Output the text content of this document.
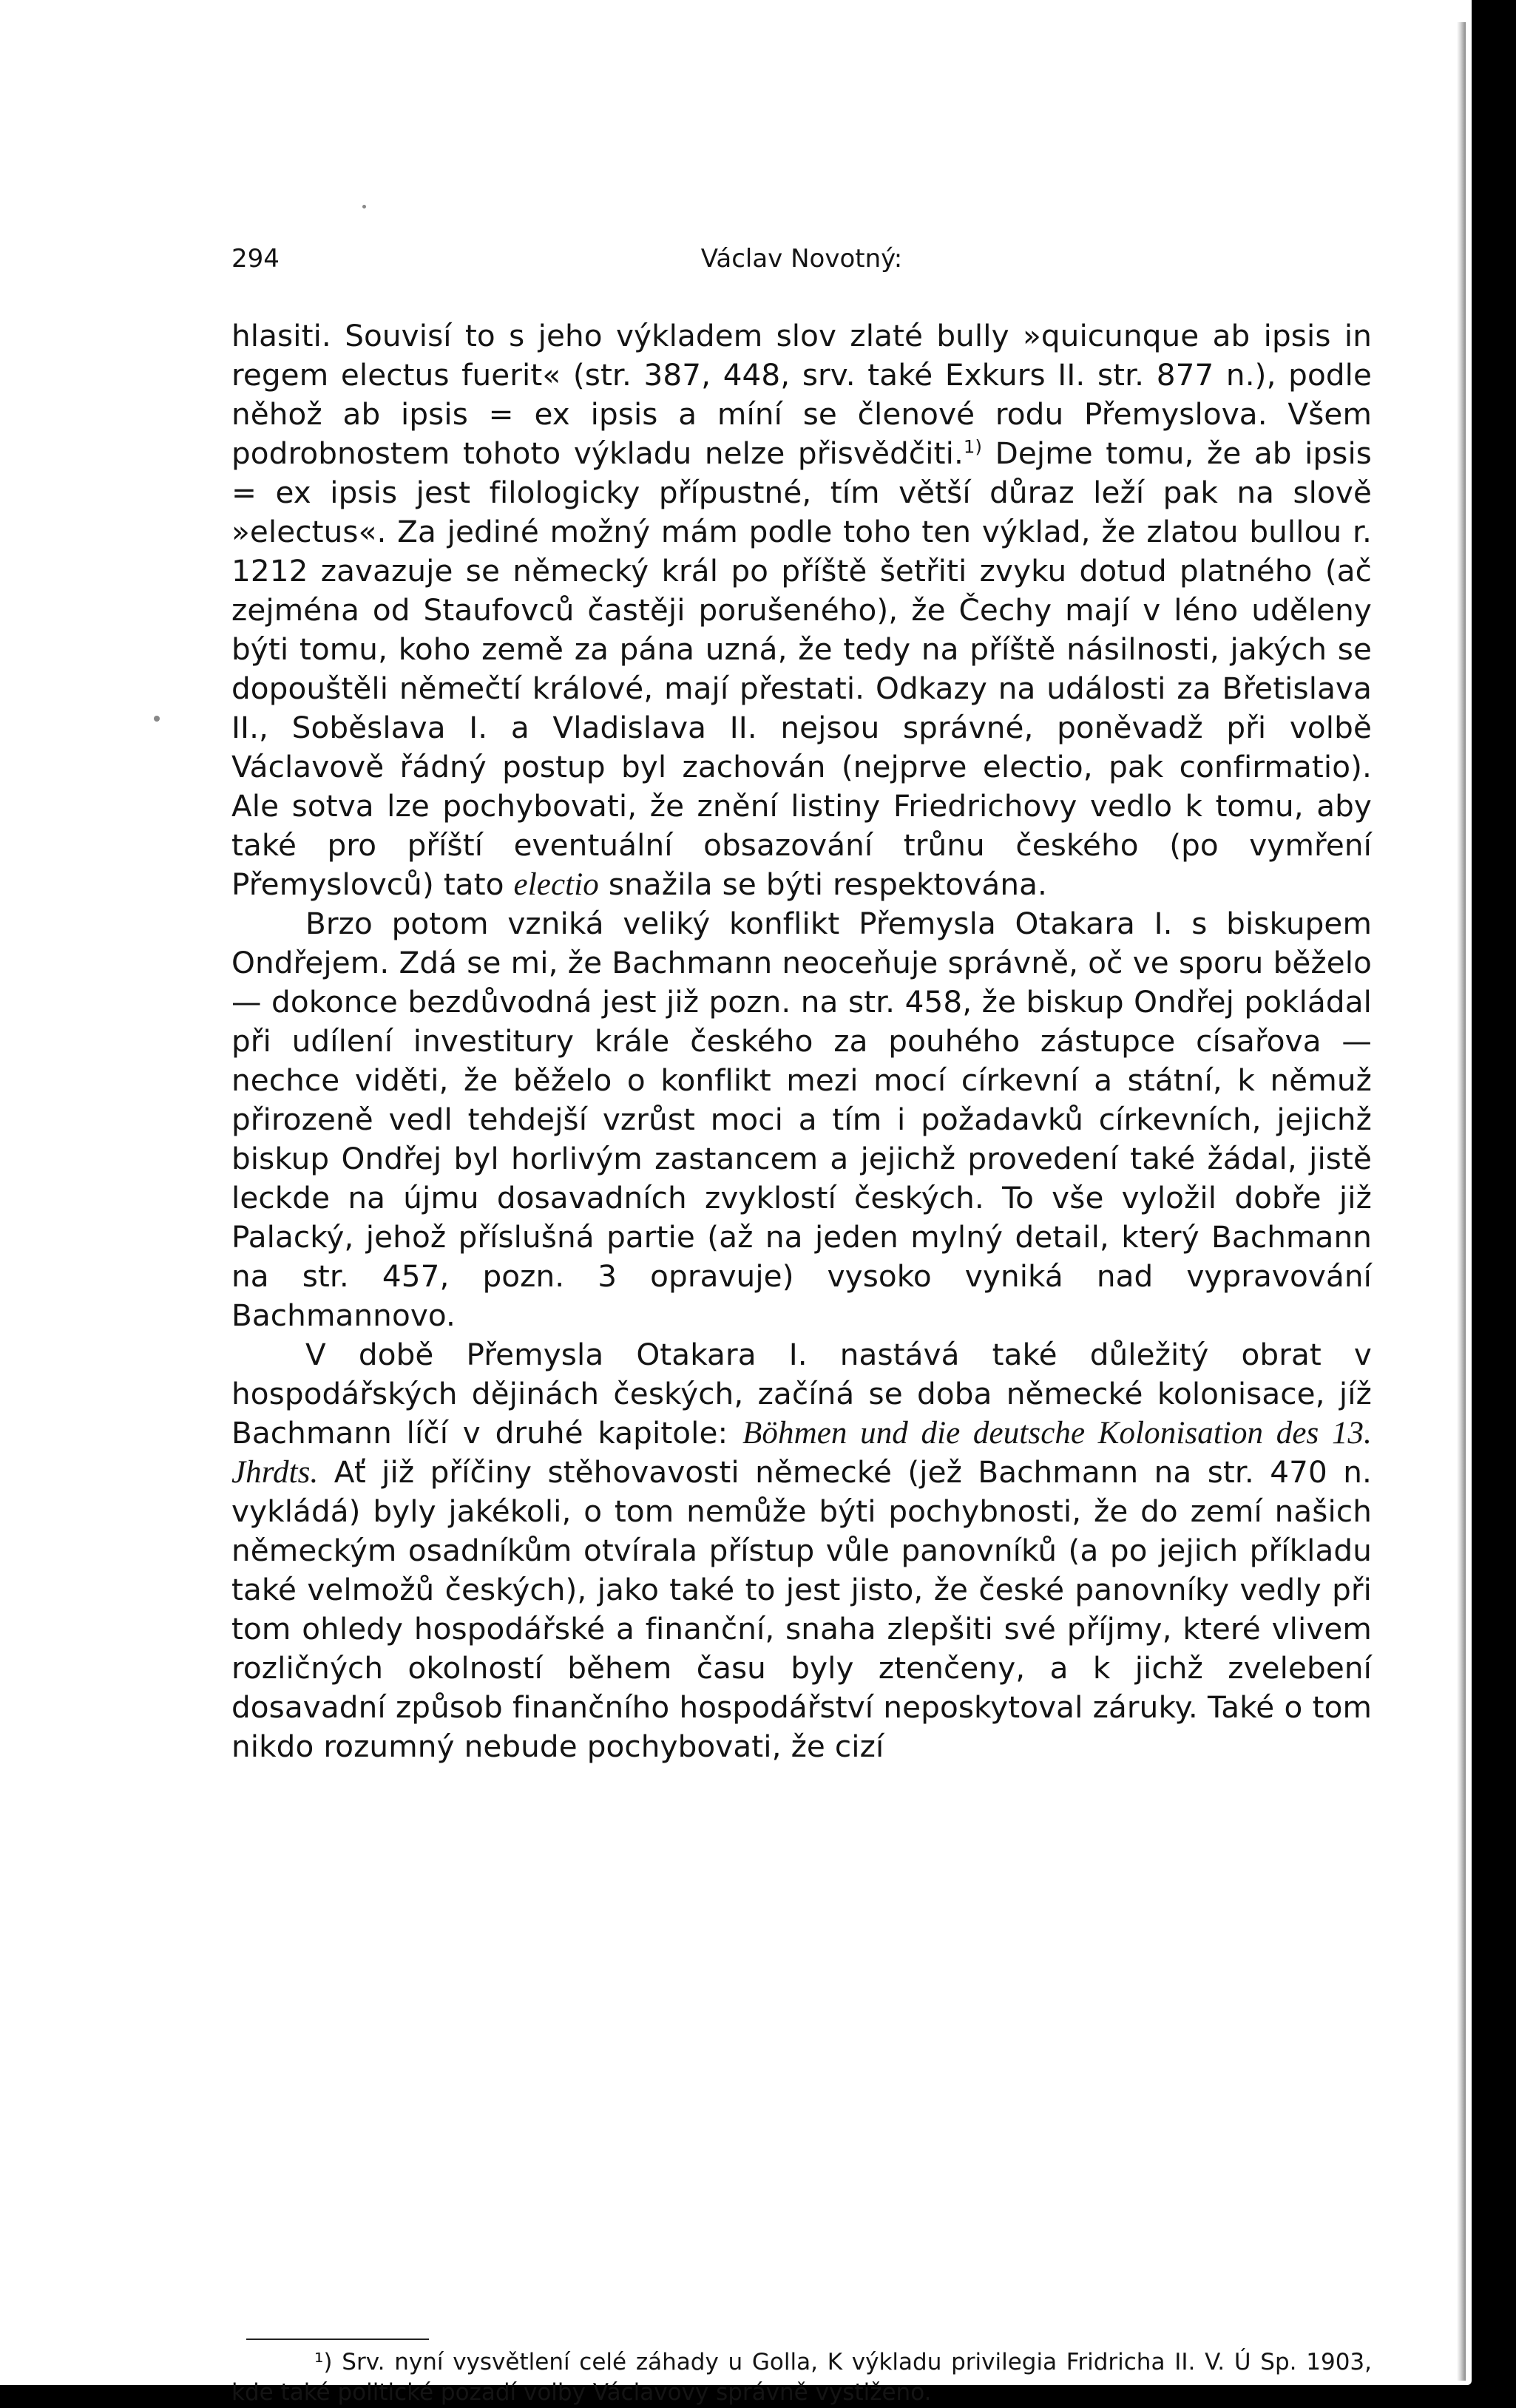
294	Václav Novotný:

hlasiti. Souvisí to s jeho výkladem slov zlaté bully »quicunque ab ipsis in regem electus fuerit« (str. 387, 448, srv. také Exkurs II. str. 877 n.), podle něhož ab ipsis = ex ipsis a míní se členové rodu Přemyslova. Všem podrobnostem tohoto výkladu nelze přisvědčiti.$^{1)}$ Dejme tomu, že ab ipsis = ex ipsis jest filologicky přípustné, tím větší důraz leží pak na slově »electus«. Za jediné možný mám podle toho ten výklad, že zlatou bullou r. 1212 zavazuje se německý král po příště šetřiti zvyku dotud platného (ač zejména od Staufovců častěji porušeného), že Čechy mají v léno uděleny býti tomu, koho země za pána uzná, že tedy na příště násilnosti, jakých se dopouštěli němečtí králové, mají přestati. Odkazy na události za Břetislava II., Soběslava I. a Vladislava II. nejsou správné, poněvadž při volbě Václavově řádný postup byl zachován (nejprve electio, pak confirmatio). Ale sotva lze pochybovati, že znění listiny Friedrichovy vedlo k tomu, aby také pro příští eventuální obsazování trůnu českého (po vymření Přemyslovců) tato electio snažila se býti respektována.

Brzo potom vzniká veliký konflikt Přemysla Otakara I. s biskupem Ondřejem. Zdá se mi, že Bachmann neoceňuje správně, oč ve sporu běželo — dokonce bezdůvodná jest již pozn. na str. 458, že biskup Ondřej pokládal při udílení investitury krále českého za pouhého zástupce císařova — nechce viděti, že běželo o konflikt mezi mocí církevní a státní, k němuž přirozeně vedl tehdejší vzrůst moci a tím i požadavků církevních, jejichž biskup Ondřej byl horlivým zastancem a jejichž provedení také žádal, jistě leckde na újmu dosavadních zvyklostí českých. To vše vyložil dobře již Palacký, jehož příslušná partie (až na jeden mylný detail, který Bachmann na str. 457, pozn. 3 opravuje) vysoko vyniká nad vypravování Bachmannovo.

V době Přemysla Otakara I. nastává také důležitý obrat v hospodářských dějinách českých, začíná se doba německé kolonisace, jíž Bachmann líčí v druhé kapitole: Böhmen und die deutsche Kolonisation des 13. Jhrdts. Ať již příčiny stěhovavosti německé (jež Bachmann na str. 470 n. vykládá) byly jakékoli, o tom nemůže býti pochybnosti, že do zemí našich německým osadníkům otvírala přístup vůle panovníků (a po jejich příkladu také velmožů českých), jako také to jest jisto, že české panovníky vedly při tom ohledy hospodářské a finanční, snaha zlepšiti své příjmy, které vlivem rozličných okolností během času byly ztenčeny, a k jichž zvelebení dosavadní způsob finančního hospodářství neposkytoval záruky. Také o tom nikdo rozumný nebude pochybovati, že cizí

¹) Srv. nyní vysvětlení celé záhady u Golla, K výkladu privilegia Fridricha II. V. Ú Sp. 1903, kde také politické pozadí volby Václavovy správně vystiženo.
